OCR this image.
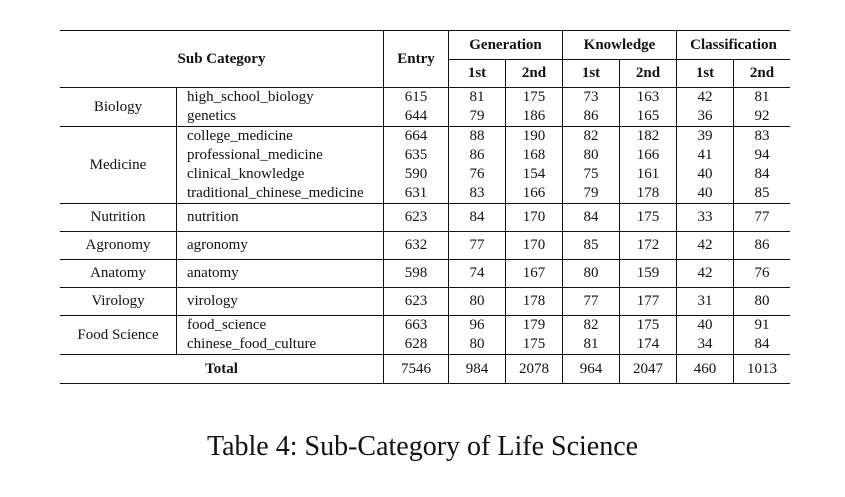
Sub Category		Entry	Generation		Knowledge		Classification	
			1st	2nd	1st	2nd	1st	2nd
Biology	high_school_biology	615	81	175	73	163	42	81
	genetics	644	79	186	86	165	36	92
Medicine	college_medicine	664	88	190	82	182	39	83
	professional_medicine	635	86	168	80	166	41	94
	clinical_knowledge	590	76	154	75	161	40	84
	traditional_chinese_medicine	631	83	166	79	178	40	85
Nutrition	nutrition	623	84	170	84	175	33	77
Agronomy	agronomy	632	77	170	85	172	42	86
Anatomy	anatomy	598	74	167	80	159	42	76
Virology	virology	623	80	178	77	177	31	80
Food Science	food_science	663	96	179	82	175	40	91
	chinese_food_culture	628	80	175	81	174	34	84
Total		7546	984	2078	964	2047	460	1013
Table 4: Sub-Category of Life Science
